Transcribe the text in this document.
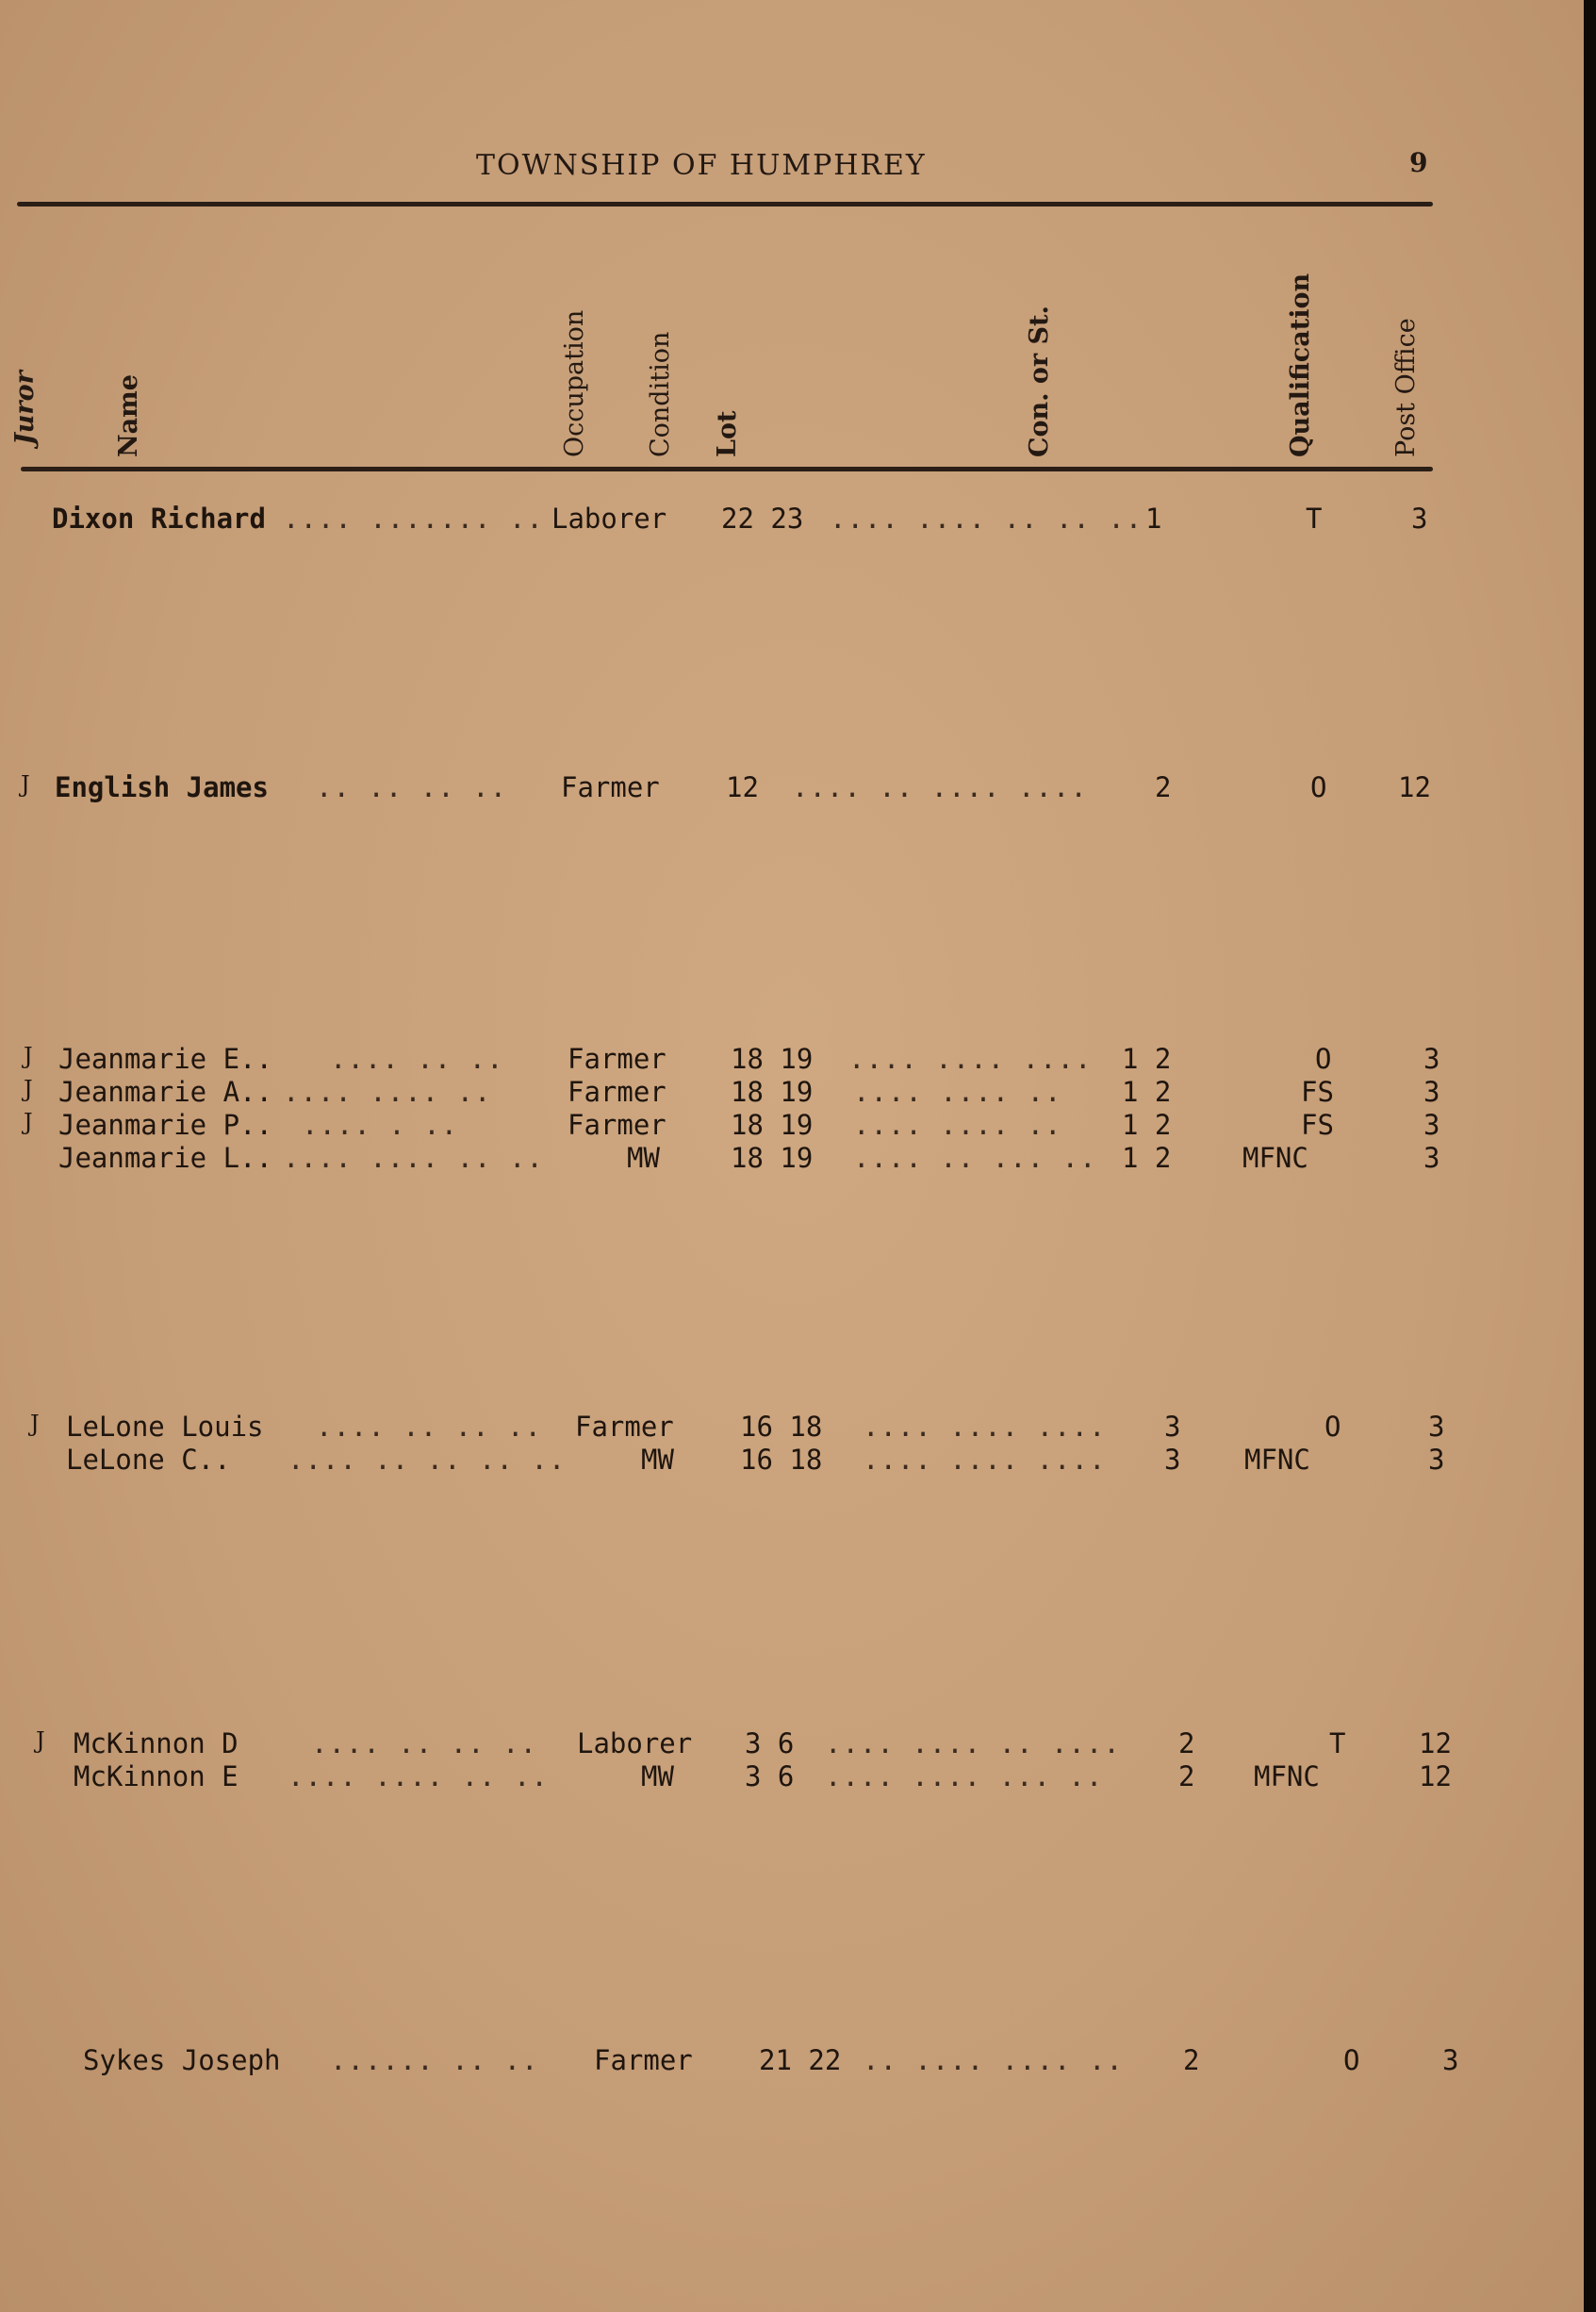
TOWNSHIP OF HUMPHREY	9
Juror	Name	Occupation Condition Lot	Con. or St.	Qualification	Post Office
Dixon Richard .... ....... .. Laborer 22 23 .... .... .. .. .. 1	T	3
J English James .. .. .. .. Farmer 12 .... .. .... .... 2	O	12
J Jeanmarie E.. .... .. .. Farmer 18 19 .... .... .... 1 2	O	3
J Jeanmarie A.. .... .... ..	Farmer 18 19 .... .... .. 1 2	FS	3
J Jeanmarie P.. .... . ..	Farmer 18 19 .... .... .. 1 2	FS	3
Jeanmarie L.. .... .... .. ..	MW	18 19 .... .. ... .. 1 2	MFNC	3
J LeLone Louis .... .. .. .. Farmer 16 18 .... .... .... 3	O	3
LeLone C.. .... .. .. .. ..	MW 16 18 .... .... .... 3 MFNC	3
J McKinnon D	.... .. .. .. Laborer 3 6 .... .... .. .... 2	T	12
McKinnon E .... .... .. ..	MW	3 6 .... .... ... ..	2 MFNC	12
Sykes Joseph ...... .. .. Farmer 21 22 .. .... .... .. 2	O	3
